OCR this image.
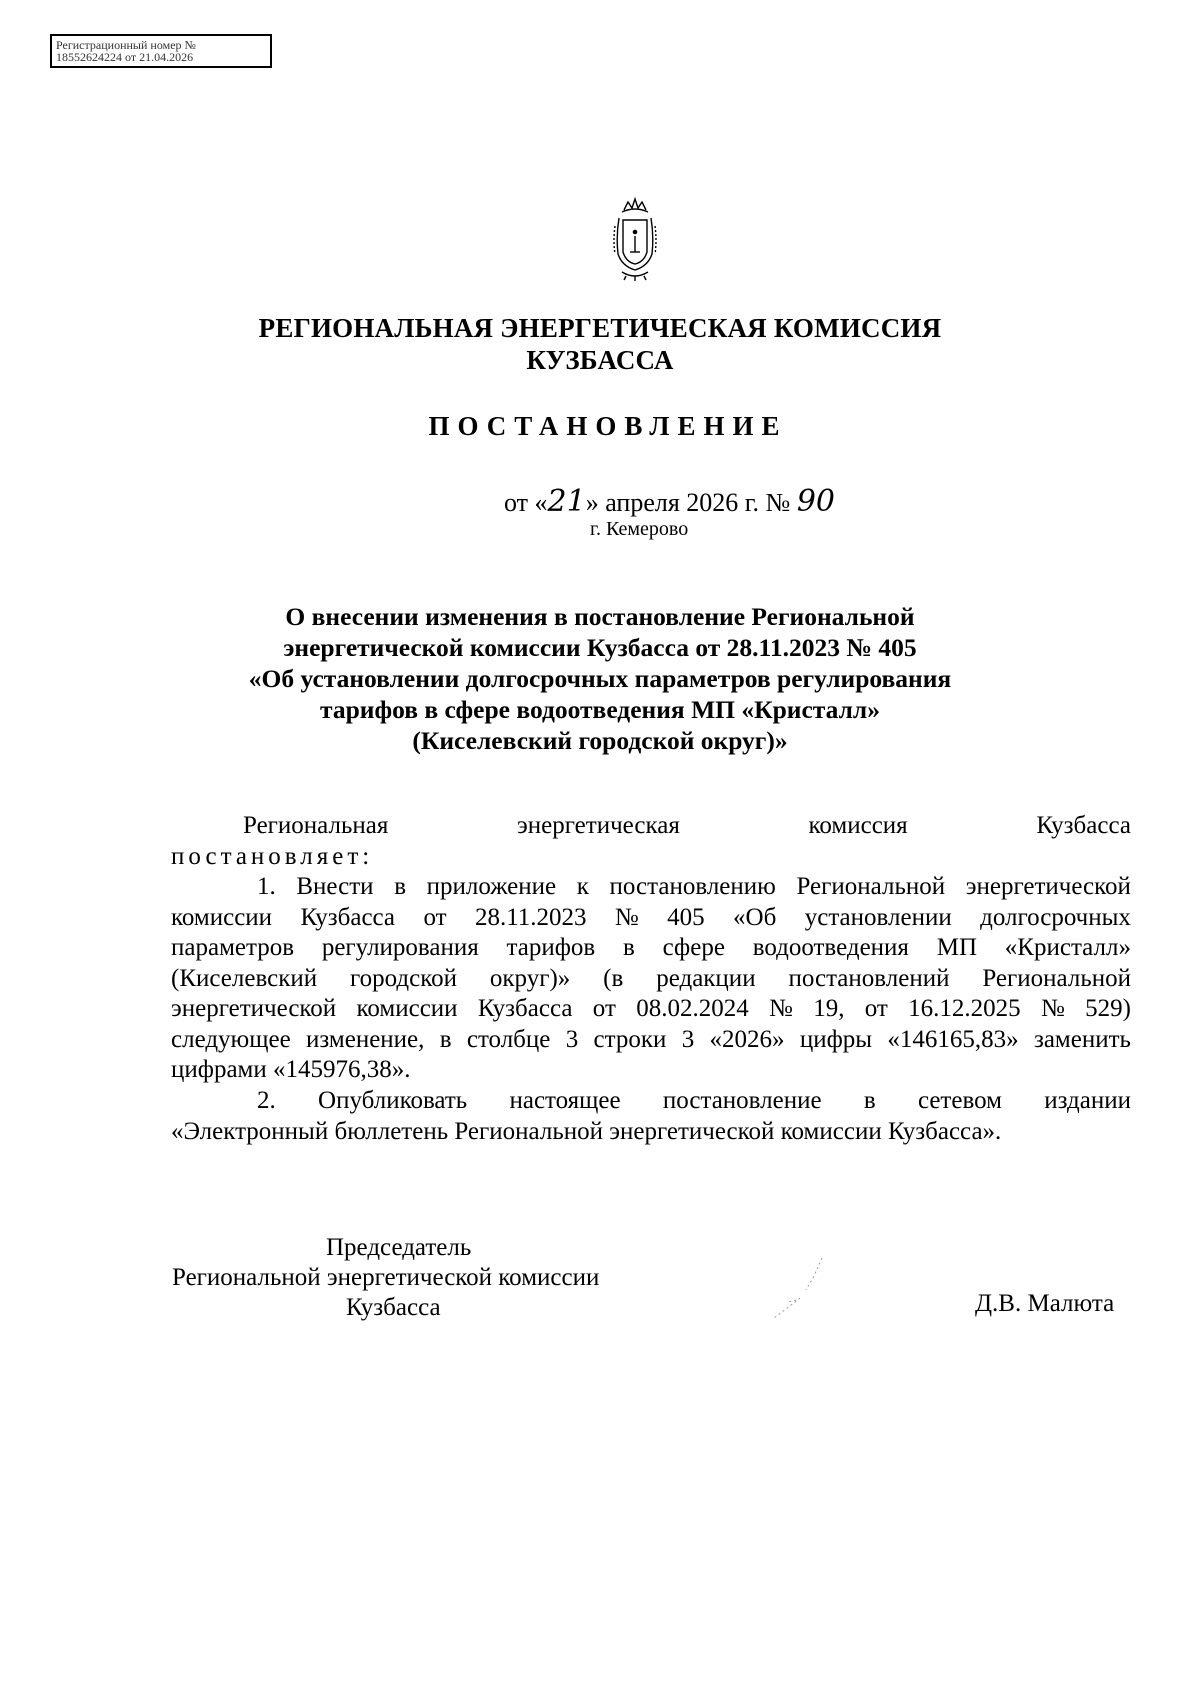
Регистрационный номер №
18552624224 от 21.04.2026
РЕГИОНАЛЬНАЯ ЭНЕРГЕТИЧЕСКАЯ КОМИССИЯ
КУЗБАССА
ПОСТАНОВЛЕНИЕ
от «21» апреля 2026 г. № 90
г. Кемерово
О внесении изменения в постановление Региональной
энергетической комиссии Кузбасса от 28.11.2023 № 405
«Об установлении долгосрочных параметров регулирования
тарифов в сфере водоотведения МП «Кристалл»
(Киселевский городской округ)»
Региональная	энергетическая	комиссия	Кузбасса
постановляет:
1. Внести в приложение к постановлению Региональной энергетической
комиссии Кузбасса от 28.11.2023 № 405 «Об установлении долгосрочных
параметров регулирования тарифов в сфере водоотведения МП «Кристалл»
(Киселевский городской округ)» (в редакции постановлений Региональной
энергетической комиссии Кузбасса от 08.02.2024 № 19, от 16.12.2025 № 529)
следующее изменение, в столбце 3 строки 3 «2026» цифры «146165,83» заменить
цифрами «145976,38».
2. Опубликовать настоящее постановление в сетевом издании
«Электронный бюллетень Региональной энергетической комиссии Кузбасса».
Председатель
Региональной энергетической комиссии
Кузбасса	Д.В. Малюта
